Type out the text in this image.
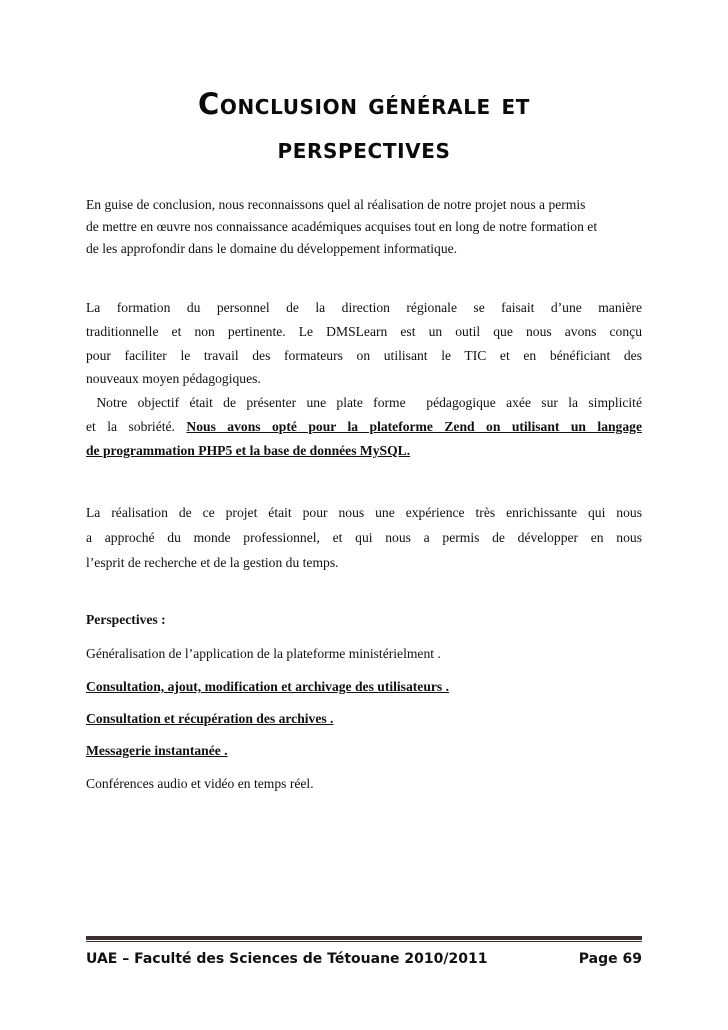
Conclusion générale et
perspectives
En guise de conclusion, nous reconnaissons quel al réalisation de notre projet nous a permis
de mettre en œuvre nos connaissance académiques acquises tout en long de notre formation et
de les approfondir dans le domaine du développement informatique.
La formation du personnel de la direction régionale se faisait d’une manière
traditionnelle et non pertinente. Le DMSLearn est un outil que nous avons conçu
pour faciliter le travail des formateurs on utilisant le TIC et en bénéficiant des
nouveaux moyen pédagogiques.
Notre objectif était de présenter une plate forme  pédagogique axée sur la simplicité
et la sobriété. Nous avons opté pour la plateforme Zend on utilisant un langage
de programmation PHP5 et la base de données MySQL.
La réalisation de ce projet était pour nous une expérience très enrichissante qui nous
a approché du monde professionnel, et qui nous a permis de développer en nous
l’esprit de recherche et de la gestion du temps.
Perspectives :
Généralisation de l’application de la plateforme ministérielment .
Consultation, ajout, modification et archivage des utilisateurs .
Consultation et récupération des archives .
Messagerie instantanée .
Conférences audio et vidéo en temps réel.
UAE – Faculté des Sciences de Tétouane 2010/2011	Page 69
